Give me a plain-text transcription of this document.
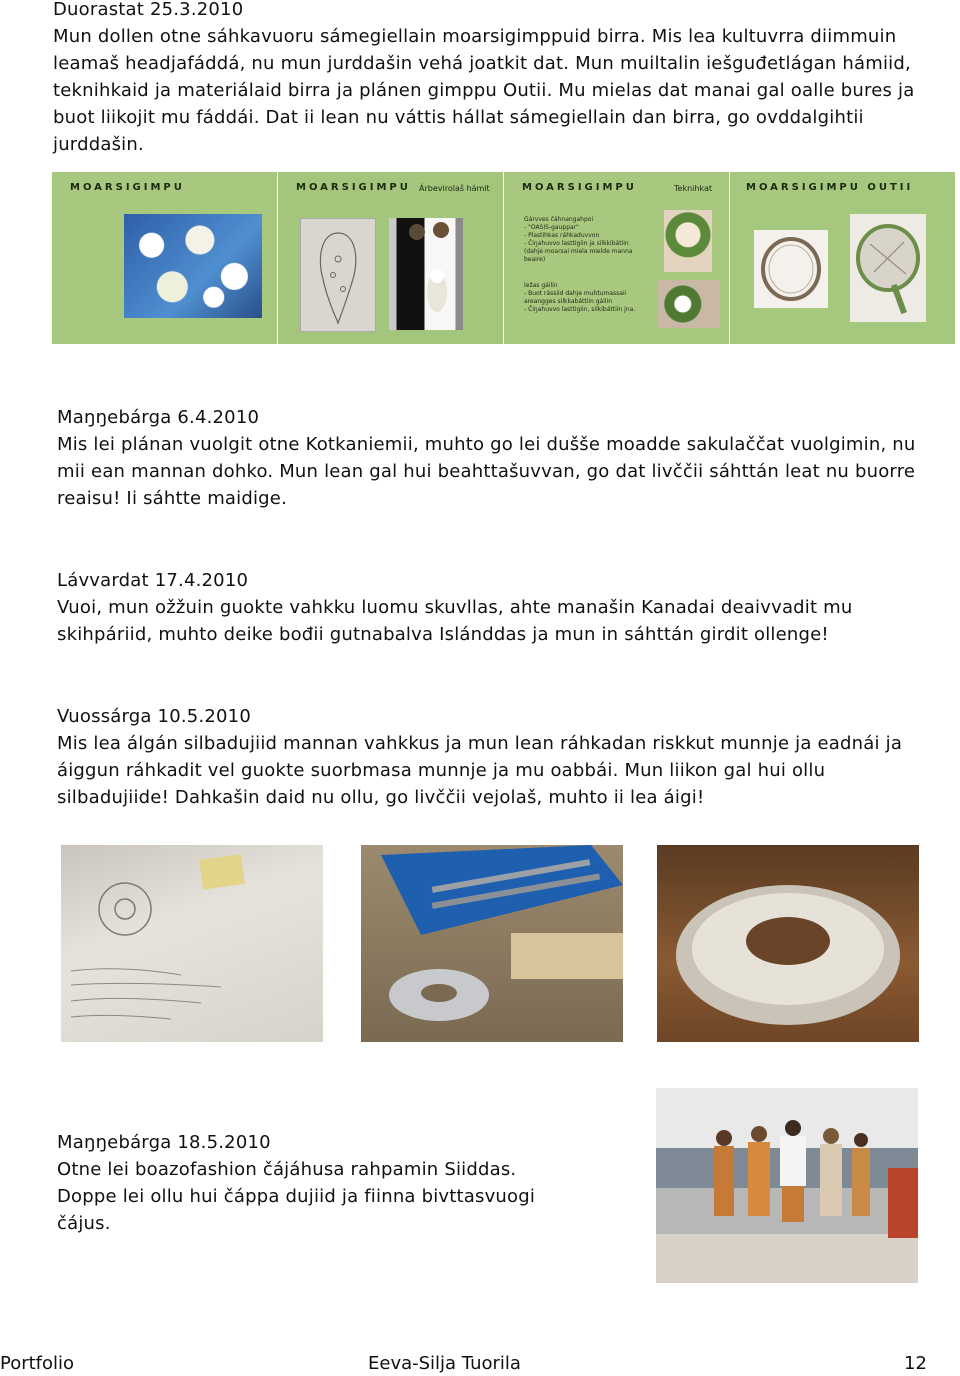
Duorastat 25.3.2010
Mun dollen otne sáhkavuoru sámegiellain moarsigimppuid birra. Mis lea kultuvrra diimmuin
leamaš headjafáddá, nu mun jurddašin vehá joatkit dat. Mun muiltalin iešguđetlágan hámiid,
teknihkaid ja materiálaid birra ja plánen gimppu Outii. Mu mielas dat manai gal oalle bures ja
buot liikojit mu fáddái. Dat ii lean nu váttis hállat sámegiellain dan birra, go ovddalgihtii
jurddašin.
MOARSIGIMPU	MOARSIGIMPU Árbevirolaš hámit	MOARSIGIMPU	Teknihkat
Gárvves čáhnangahpoi
- "OASIS-gauppar"
- Plastihkas ráhkaduvvon
- Čiŋahuvvo lasttigiin ja silkkibátiin
(dahje moarsai miela mielde manna
beaire)
Iežas gáilin
- Buot rássiid dahje muhtumassaii
areangges silkkabáttiin gáilin
- Čiŋahuvvo lasttigiin, silkibáttiin jna.
MOARSIGIMPU OUTII
Maŋŋebárga 6.4.2010
Mis lei plánan vuolgit otne Kotkaniemii, muhto go lei dušše moadde sakulaččat vuolgimin, nu
mii ean mannan dohko. Mun lean gal hui beahttašuvvan, go dat livččii sáhttán leat nu buorre
reaisu! Ii sáhtte maidige.
Lávvardat 17.4.2010
Vuoi, mun ožžuin guokte vahkku luomu skuvllas, ahte manašin Kanadai deaivvadit mu
skihpáriid, muhto deike bođii gutnabalva Islánddas ja mun in sáhttán girdit ollenge!
Vuossárga 10.5.2010
Mis lea álgán silbadujiid mannan vahkkus ja mun lean ráhkadan riskkut munnje ja eadnái ja
áiggun ráhkadit vel guokte suorbmasa munnje ja mu oabbái. Mun liikon gal hui ollu
silbadujiide! Dahkašin daid nu ollu, go livččii vejolaš, muhto ii lea áigi!
Maŋŋebárga 18.5.2010
Otne lei boazofashion čájáhusa rahpamin Siiddas.
Doppe lei ollu hui čáppa dujiid ja fiinna bivttasvuogi
čájus.
Portfolio	Eeva-Silja Tuorila	12
